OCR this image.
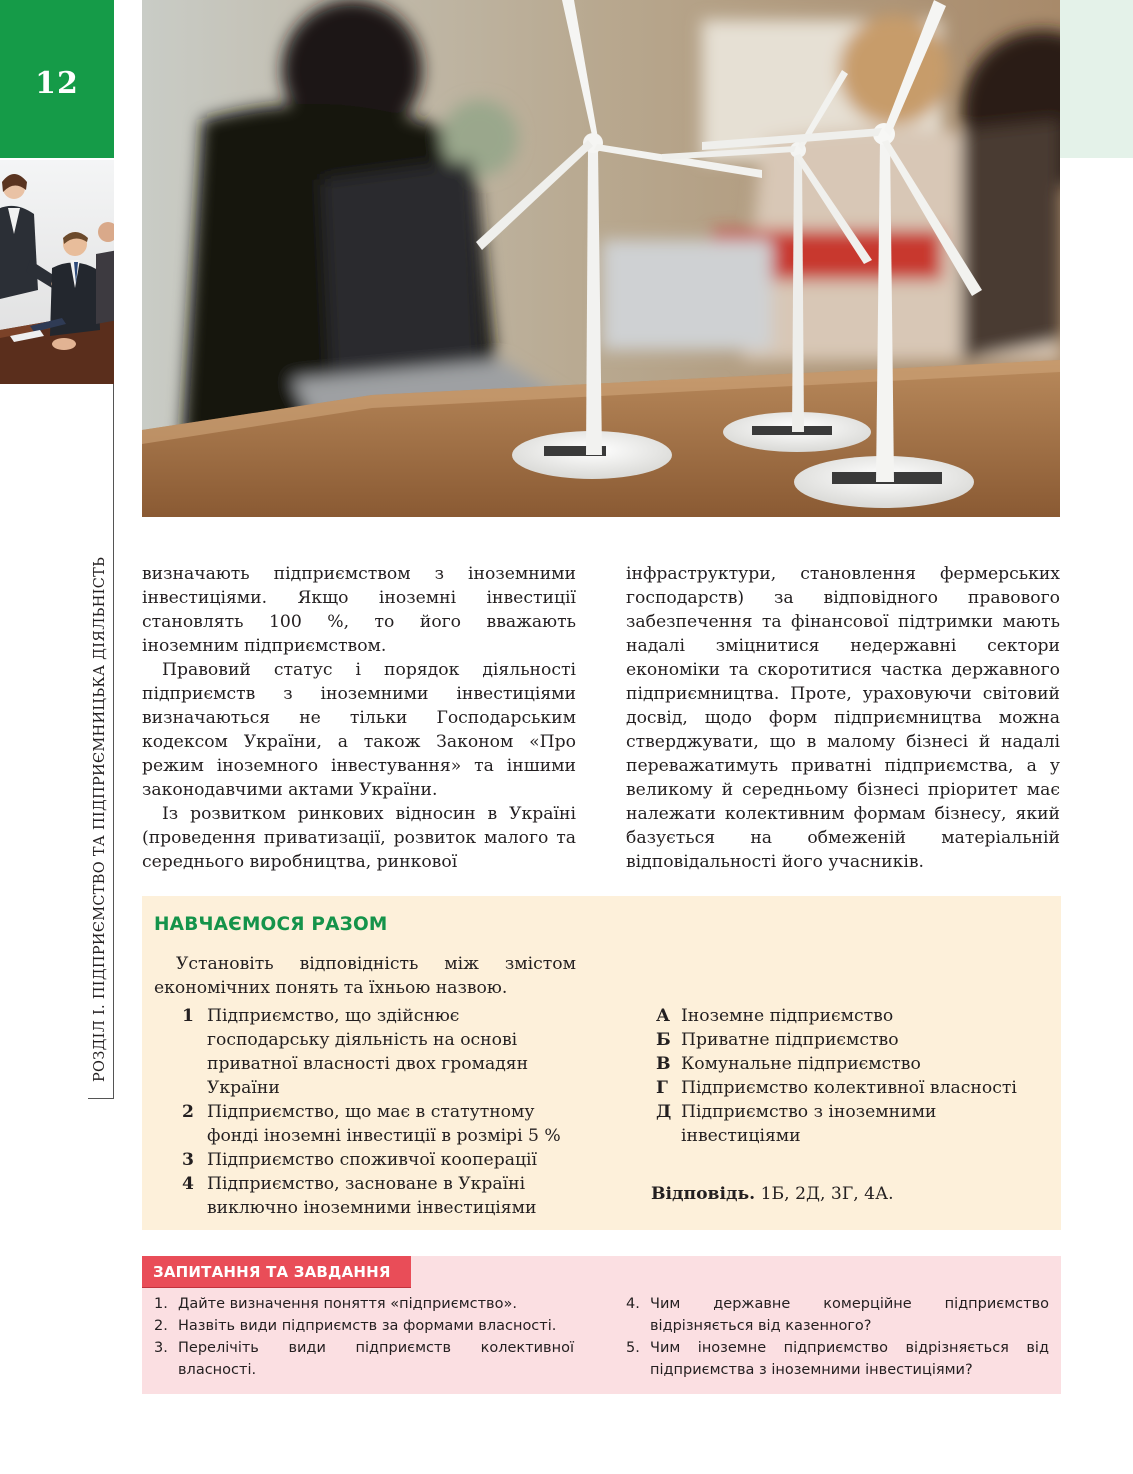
12
РОЗДІЛ І. ПІДПРИЄМСТВО ТА ПІДПРИЄМНИЦЬКА ДІЯЛЬНІСТЬ визначають підприємством з іноземними інвестиціями. Якщо іноземні інвестиції становлять 100 %, то його вважають іноземним підприємством.

Правовий статус і порядок діяльності підприємств з іноземними інвестиціями визначаються не тільки Господарським кодексом України, а також Законом «Про режим іноземного інвестування» та іншими законодавчими актами України.

Із розвитком ринкових відносин в Україні (проведення приватизації, розвиток малого та середнього виробництва, ринкової

інфраструктури, становлення фермерських господарств) за відповідного правового забезпечення та фінансової підтримки мають надалі зміцнитися недержавні сектори економіки та скоротитися частка державного підприємництва. Проте, ураховуючи світовий досвід, щодо форм підприємництва можна стверджувати, що в малому бізнесі й надалі переважатимуть приватні підприємства, а у великому й середньому бізнесі пріоритет має належати колективним формам бізнесу, який базується на обмеженій матеріальній відповідальності його учасників.

НАВЧАЄМОСЯ РАЗОМ

Установіть відповідність між змістом економічних понять та їхньою назвою.

1 Підприємство, що здійснює господарську діяльність на основі приватної власності двох громадян України
2 Підприємство, що має в статутному фонді іноземні інвестиції в розмірі 5 %
3 Підприємство споживчої кооперації
4 Підприємство, засноване в Україні виключно іноземними інвестиціями
А Іноземне підприємство
Б Приватне підприємство
В Комунальне підприємство
Г Підприємство колективної власності
Д Підприємство з іноземними інвестиціями
Відповідь. 1Б, 2Д, 3Г, 4А.
ЗАПИТАННЯ ТА ЗАВДАННЯ
1. Дайте визначення поняття «підприємство».
2. Назвіть види підприємств за формами власності.
3. Перелічіть види підприємств колективної власності.
4. Чим державне комерційне підприємство відрізняється від казенного?
5. Чим іноземне підприємство відрізняється від підприємства з іноземними інвестиціями?
